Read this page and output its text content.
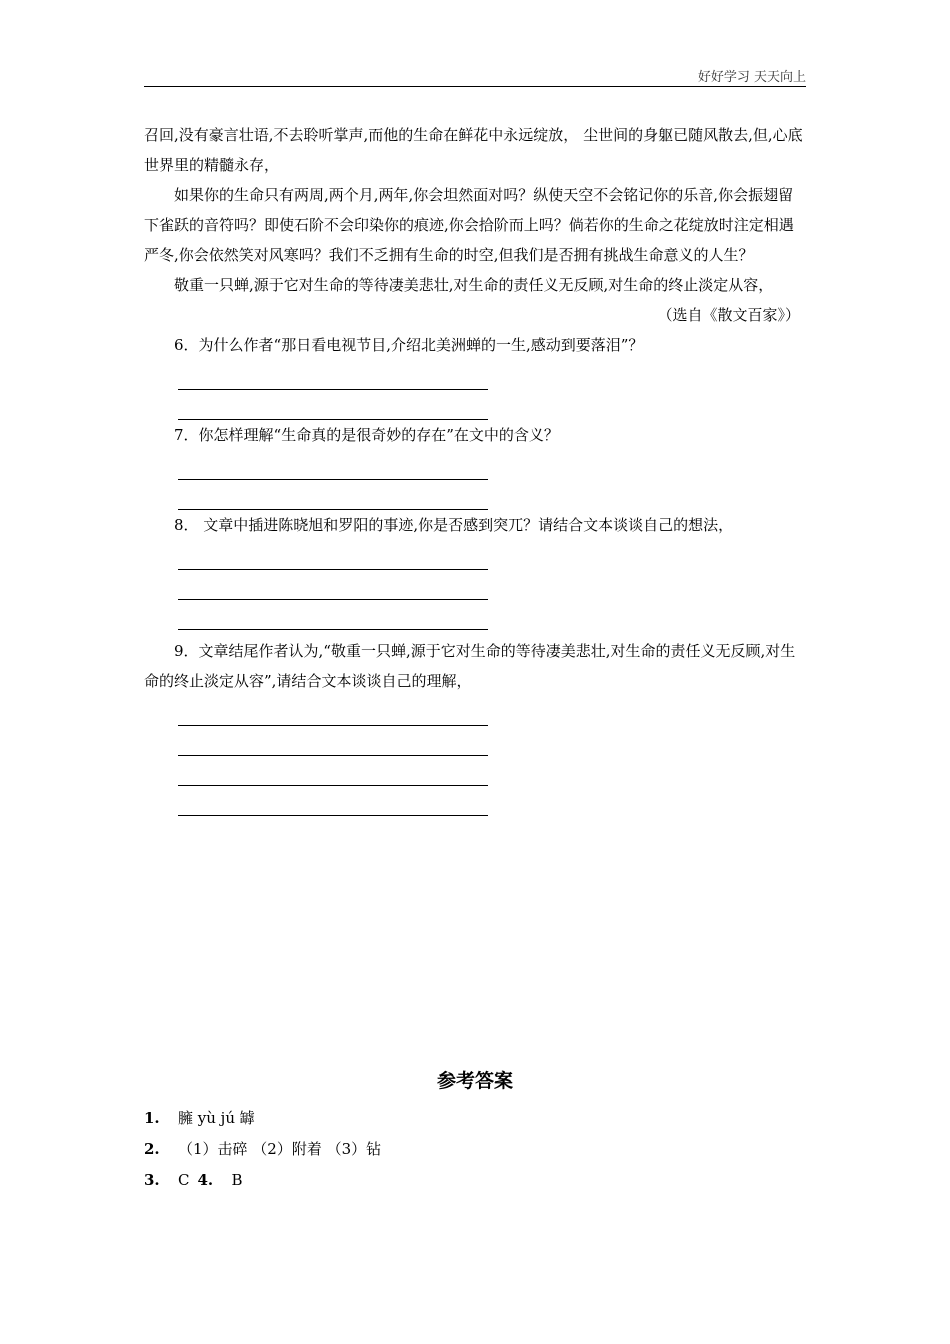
好好学习 天天向上

召回,没有豪言壮语,不去聆听掌声,而他的生命在鲜花中永远绽放， 尘世间的身躯已随风散去,但,心底世界里的精髓永存，

如果你的生命只有两周,两个月,两年,你会坦然面对吗？纵使天空不会铭记你的乐音,你会振翅留下雀跃的音符吗？即使石阶不会印染你的痕迹,你会拾阶而上吗？倘若你的生命之花绽放时注定相遇严冬,你会依然笑对风寒吗？我们不乏拥有生命的时空,但我们是否拥有挑战生命意义的人生？

敬重一只蝉,源于它对生命的等待凄美悲壮,对生命的责任义无反顾,对生命的终止淡定从容，

（选自《散文百家》）

6．为什么作者“那日看电视节目,介绍北美洲蝉的一生,感动到要落泪”？

7．你怎样理解“生命真的是很奇妙的存在”在文中的含义？

8． 文章中插进陈晓旭和罗阳的事迹,你是否感到突兀？请结合文本谈谈自己的想法，

9．文章结尾作者认为,“敬重一只蝉,源于它对生命的等待凄美悲壮,对生命的责任义无反顾,对生命的终止淡定从容”,请结合文本谈谈自己的理解，

参考答案
1.	臃 yù jú 罅
2.	（1）击碎 （2）附着 （3）钻
3.	C 4.	B
